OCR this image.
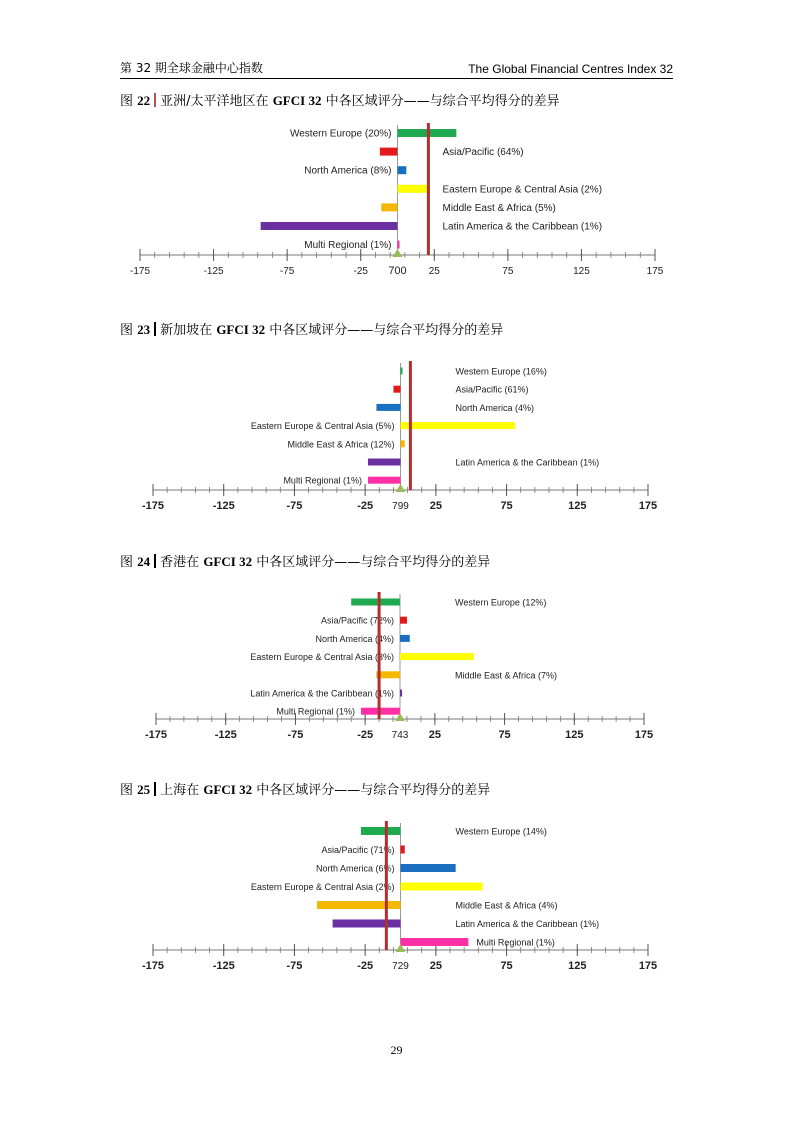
第 32 期全球金融中心指数	The Global Financial Centres Index 32
图 22 亚洲/太平洋地区在 GFCI 32 中各区域评分——与综合平均得分的差异
图 23 新加坡在 GFCI 32 中各区域评分——与综合平均得分的差异
图 24 香港在 GFCI 32 中各区域评分——与综合平均得分的差异
图 25 上海在 GFCI 32 中各区域评分——与综合平均得分的差异
-175	-125	-75	-25	25	75	125	175
700
Western Europe (20%)
Asia/Pacific (64%)
North America (8%)
Eastern Europe & Central Asia (2%)
Middle East & Africa (5%)
Latin America & the Caribbean (1%)
Multi Regional (1%)
-175	-125	-75	-25	25	75	125	175
799
Western Europe (16%)
Asia/Pacific (61%)
North America (4%)
Eastern Europe & Central Asia (5%)
Middle East & Africa (12%)
Latin America & the Caribbean (1%)
Multi Regional (1%)
-175	-125	-75	-25	25	75	125	175
743
Western Europe (12%)
Asia/Pacific (72%)
North America (4%)
Eastern Europe & Central Asia (3%)
Middle East & Africa (7%)
Latin America & the Caribbean (1%)
Multi Regional (1%)
-175	-125	-75	-25	25	75	125	175
729
Western Europe (14%)
Asia/Pacific (71%)
North America (6%)
Eastern Europe & Central Asia (2%)
Middle East & Africa (4%)
Latin America & the Caribbean (1%)
Multi Regional (1%)
29
